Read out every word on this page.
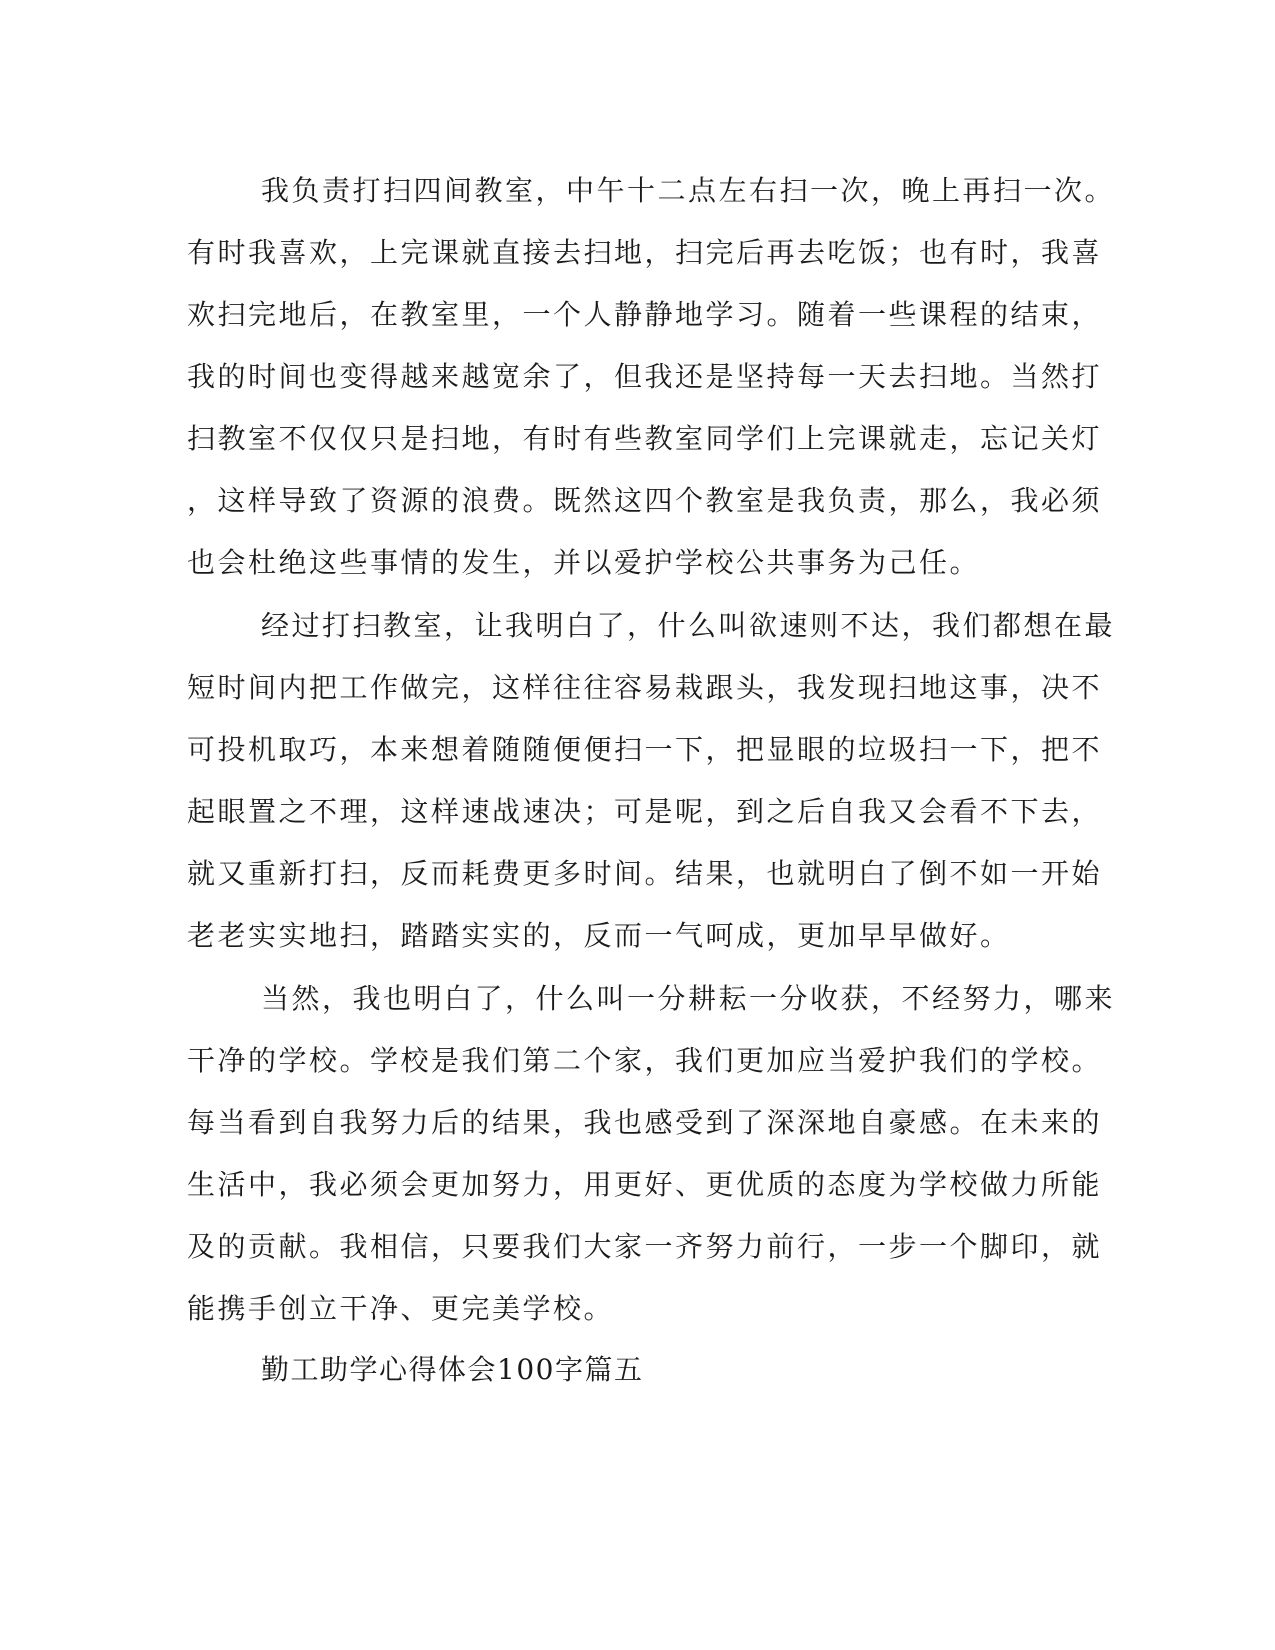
我负责打扫四间教室，中午十二点左右扫一次，晚上再扫一次。
有时我喜欢，上完课就直接去扫地，扫完后再去吃饭；也有时，我喜
欢扫完地后，在教室里，一个人静静地学习。随着一些课程的结束，
我的时间也变得越来越宽余了，但我还是坚持每一天去扫地。当然打
扫教室不仅仅只是扫地，有时有些教室同学们上完课就走，忘记关灯
，这样导致了资源的浪费。既然这四个教室是我负责，那么，我必须
也会杜绝这些事情的发生，并以爱护学校公共事务为己任。
经过打扫教室，让我明白了，什么叫欲速则不达，我们都想在最
短时间内把工作做完，这样往往容易栽跟头，我发现扫地这事，决不
可投机取巧，本来想着随随便便扫一下，把显眼的垃圾扫一下，把不
起眼置之不理，这样速战速决；可是呢，到之后自我又会看不下去，
就又重新打扫，反而耗费更多时间。结果，也就明白了倒不如一开始
老老实实地扫，踏踏实实的，反而一气呵成，更加早早做好。
当然，我也明白了，什么叫一分耕耘一分收获，不经努力，哪来
干净的学校。学校是我们第二个家，我们更加应当爱护我们的学校。
每当看到自我努力后的结果，我也感受到了深深地自豪感。在未来的
生活中，我必须会更加努力，用更好、更优质的态度为学校做力所能
及的贡献。我相信，只要我们大家一齐努力前行，一步一个脚印，就
能携手创立干净、更完美学校。
勤工助学心得体会100字篇五
